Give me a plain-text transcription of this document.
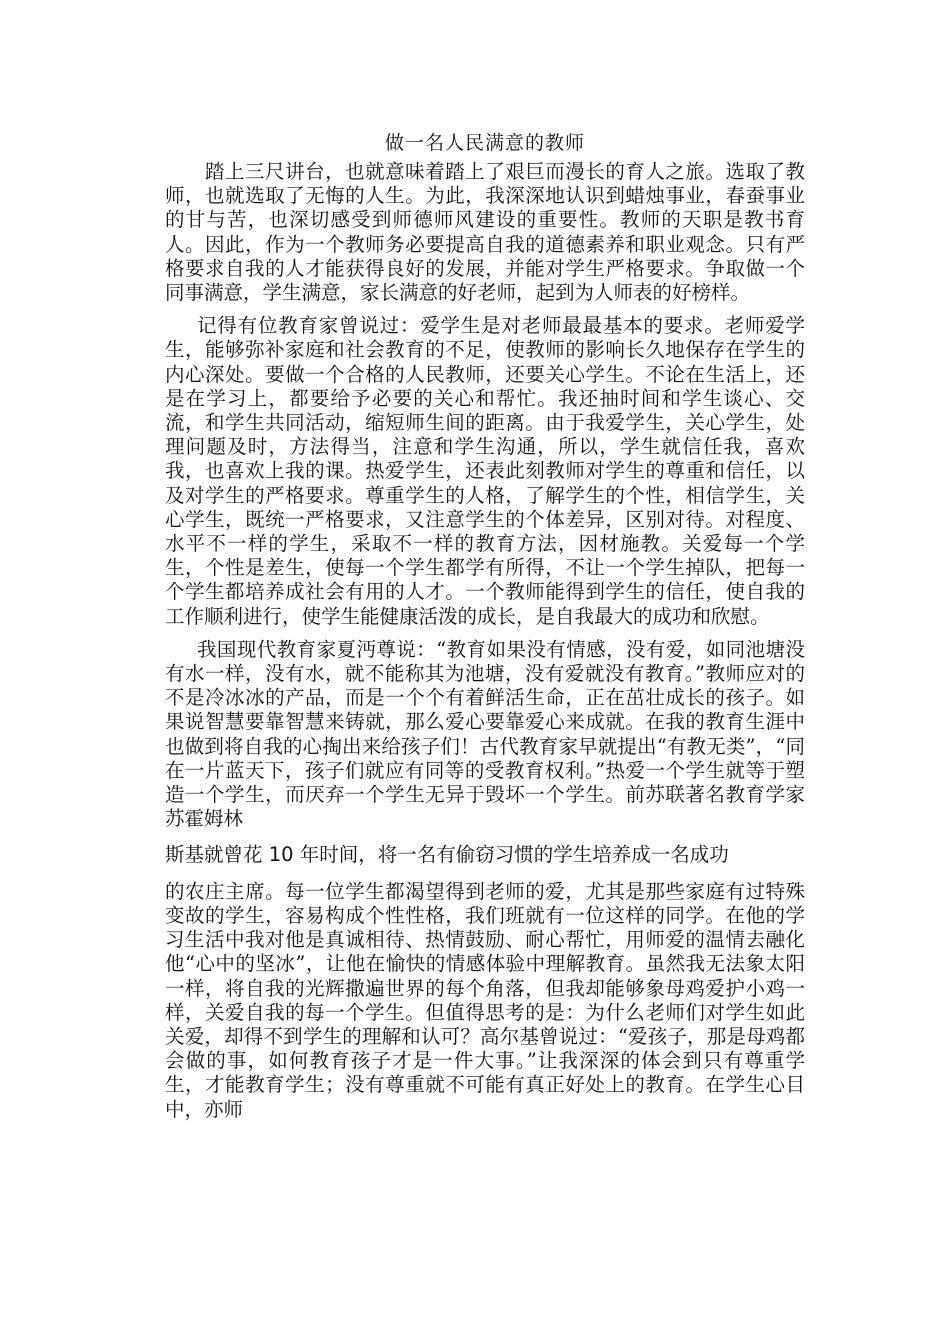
做一名人民满意的教师

踏上三尺讲台，也就意味着踏上了艰巨而漫长的育人之旅。选取了教师，也就选取了无悔的人生。为此，我深深地认识到蜡烛事业，春蚕事业的甘与苦，也深切感受到师德师风建设的重要性。教师的天职是教书育人。因此，作为一个教师务必要提高自我的道德素养和职业观念。只有严格要求自我的人才能获得良好的发展，并能对学生严格要求。争取做一个同事满意，学生满意，家长满意的好老师，起到为人师表的好榜样。

记得有位教育家曾说过：爱学生是对老师最最基本的要求。老师爱学生，能够弥补家庭和社会教育的不足，使教师的影响长久地保存在学生的内心深处。要做一个合格的人民教师，还要关心学生。不论在生活上，还是在学习上，都要给予必要的关心和帮忙。我还抽时间和学生谈心、交流，和学生共同活动，缩短师生间的距离。由于我爱学生，关心学生，处理问题及时，方法得当，注意和学生沟通，所以，学生就信任我，喜欢我，也喜欢上我的课。热爱学生，还表此刻教师对学生的尊重和信任，以及对学生的严格要求。尊重学生的人格，了解学生的个性，相信学生，关心学生，既统一严格要求，又注意学生的个体差异，区别对待。对程度、水平不一样的学生，采取不一样的教育方法，因材施教。关爱每一个学生，个性是差生，使每一个学生都学有所得，不让一个学生掉队，把每一个学生都培养成社会有用的人才。一个教师能得到学生的信任，使自我的工作顺利进行，使学生能健康活泼的成长，是自我最大的成功和欣慰。

我国现代教育家夏沔尊说：“教育如果没有情感，没有爱，如同池塘没有水一样，没有水，就不能称其为池塘，没有爱就没有教育。”教师应对的不是冷冰冰的产品，而是一个个有着鲜活生命，正在茁壮成长的孩子。如果说智慧要靠智慧来铸就，那么爱心要靠爱心来成就。在我的教育生涯中也做到将自我的心掏出来给孩子们！古代教育家早就提出“有教无类”，“同在一片蓝天下，孩子们就应有同等的受教育权利。”热爱一个学生就等于塑造一个学生，而厌弃一个学生无异于毁坏一个学生。前苏联著名教育学家苏霍姆林

斯基就曾花 10 年时间，将一名有偷窃习惯的学生培养成一名成功

的农庄主席。每一位学生都渴望得到老师的爱，尤其是那些家庭有过特殊变故的学生，容易构成个性性格，我们班就有一位这样的同学。在他的学习生活中我对他是真诚相待、热情鼓励、耐心帮忙，用师爱的温情去融化他“心中的坚冰”，让他在愉快的情感体验中理解教育。虽然我无法象太阳一样，将自我的光辉撒遍世界的每个角落，但我却能够象母鸡爱护小鸡一样，关爱自我的每一个学生。但值得思考的是：为什么老师们对学生如此关爱，却得不到学生的理解和认可？高尔基曾说过：“爱孩子，那是母鸡都会做的事，如何教育孩子才是一件大事。”让我深深的体会到只有尊重学生，才能教育学生；没有尊重就不可能有真正好处上的教育。在学生心目中，亦师
